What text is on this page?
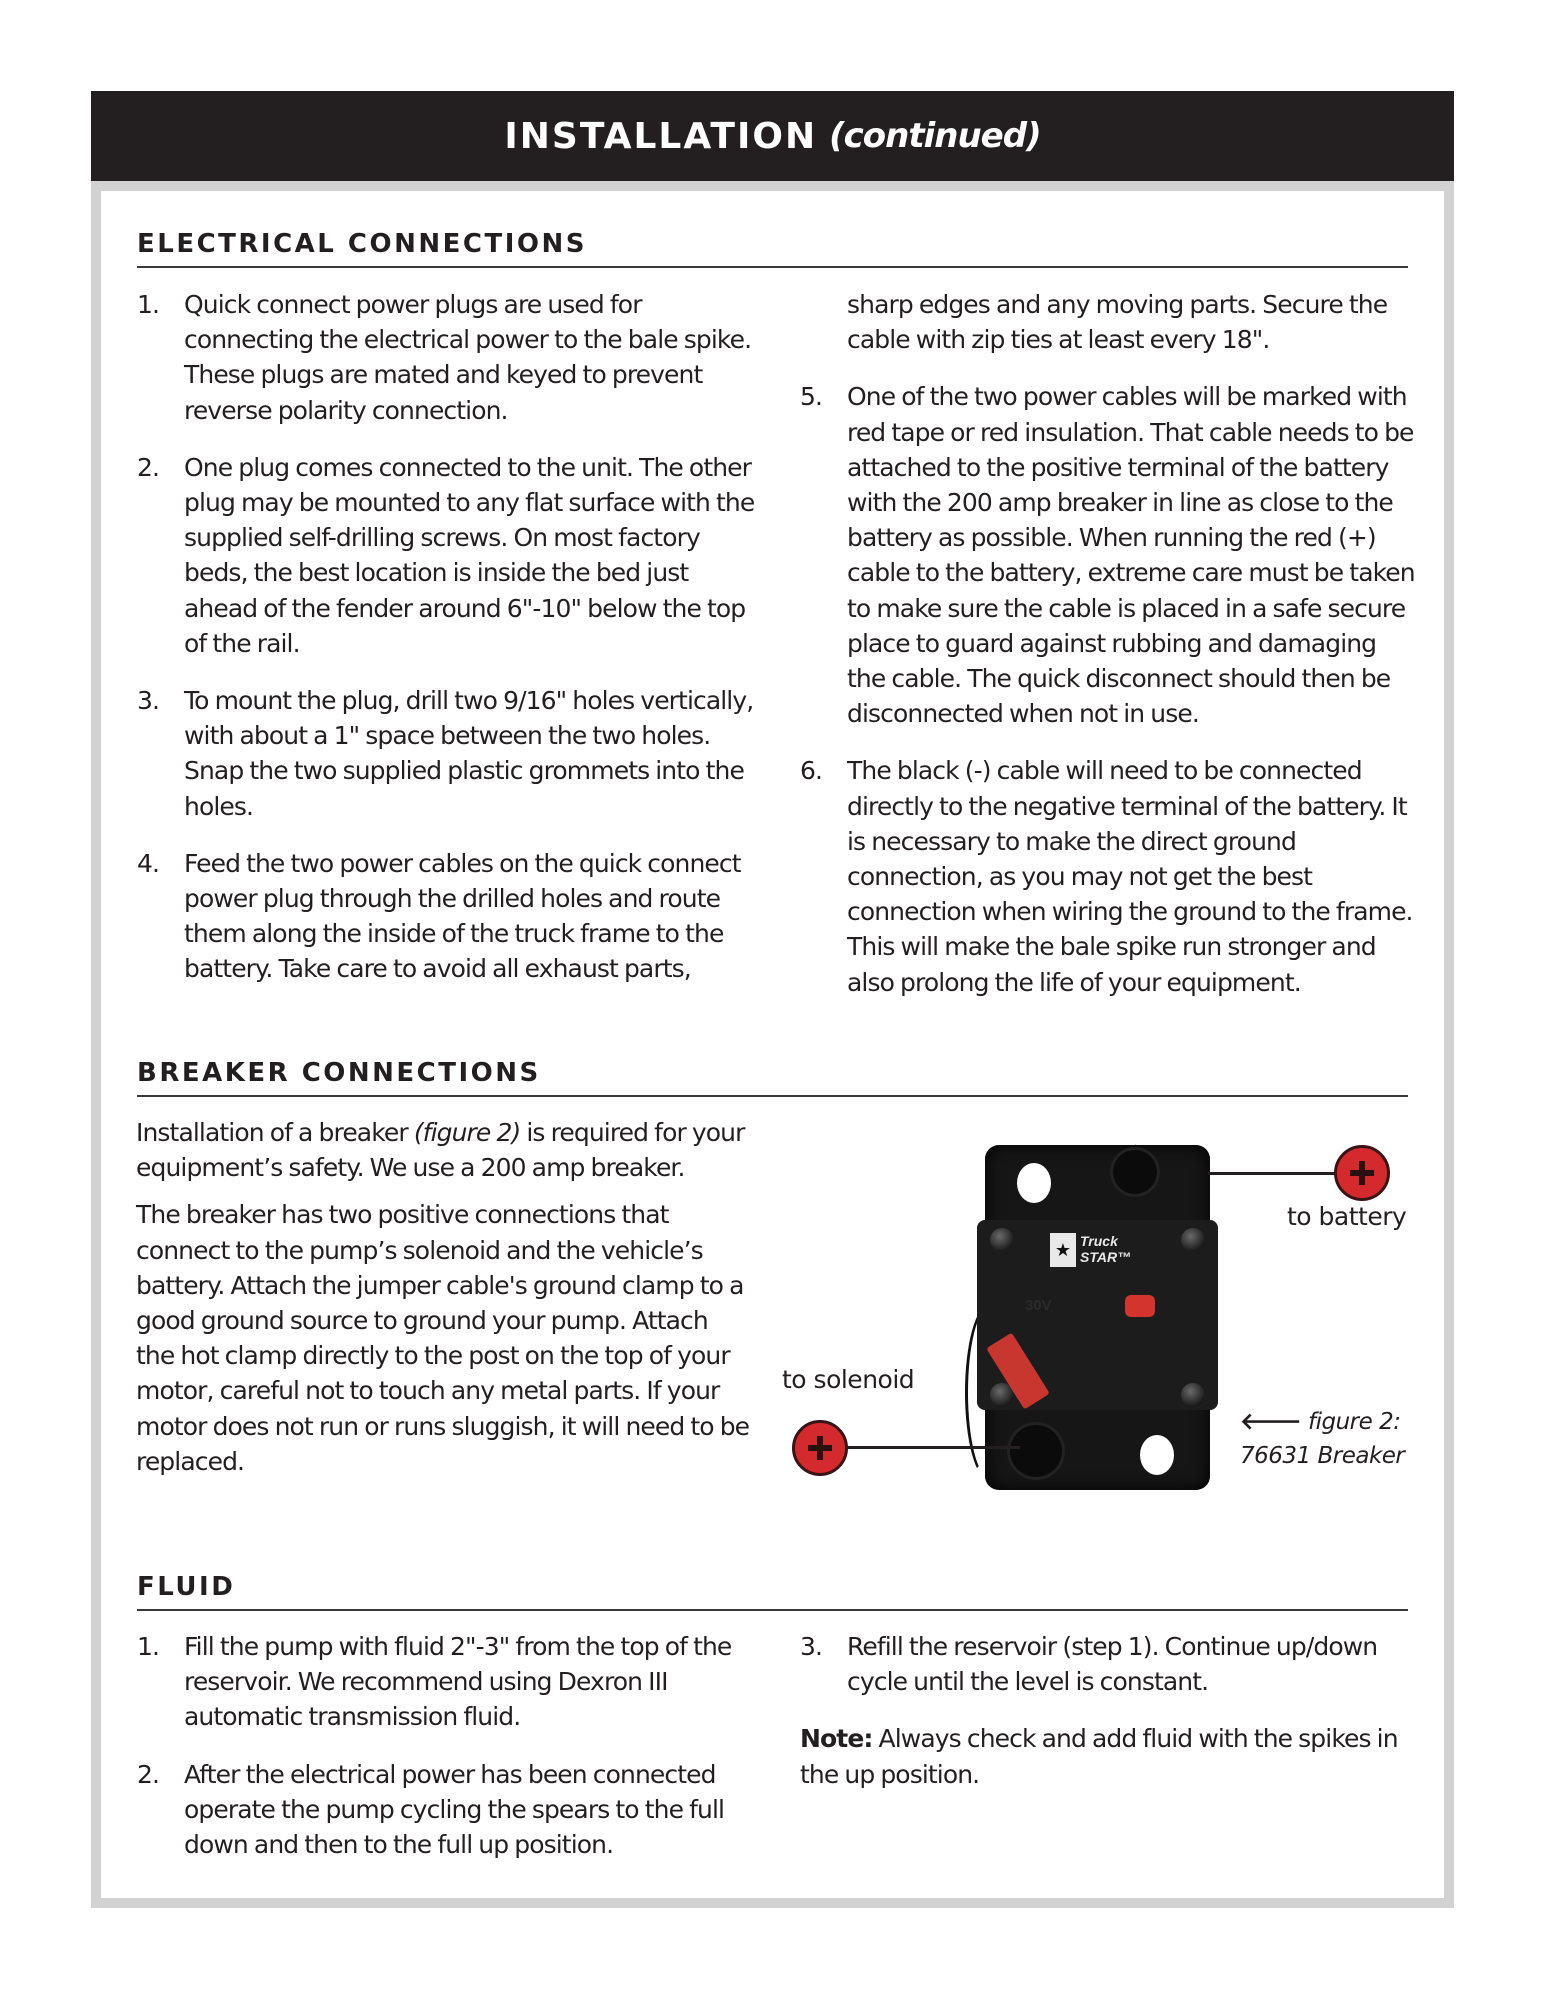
INSTALLATION (continued)
ELECTRICAL CONNECTIONS
1. Quick connect power plugs are used for connecting the electrical power to the bale spike. These plugs are mated and keyed to prevent reverse polarity connection.
2. One plug comes connected to the unit. The other plug may be mounted to any flat surface with the supplied self-drilling screws. On most factory beds, the best location is inside the bed just ahead of the fender around 6"-10" below the top of the rail.
3. To mount the plug, drill two 9/16" holes vertically, with about a 1" space between the two holes. Snap the two supplied plastic grommets into the holes.
4. Feed the two power cables on the quick connect power plug through the drilled holes and route them along the inside of the truck frame to the battery. Take care to avoid all exhaust parts,
sharp edges and any moving parts. Secure the cable with zip ties at least every 18".
5. One of the two power cables will be marked with red tape or red insulation. That cable needs to be attached to the positive terminal of the battery with the 200 amp breaker in line as close to the battery as possible. When running the red (+) cable to the battery, extreme care must be taken to make sure the cable is placed in a safe secure place to guard against rubbing and damaging the cable. The quick disconnect should then be disconnected when not in use.
6. The black (-) cable will need to be connected directly to the negative terminal of the battery. It is necessary to make the direct ground connection, as you may not get the best connection when wiring the ground to the frame. This will make the bale spike run stronger and also prolong the life of your equipment.
BREAKER CONNECTIONS

Installation of a breaker (figure 2) is required for your equipment’s safety. We use a 200 amp breaker.

The breaker has two positive connections that connect to the pump’s solenoid and the vehicle’s battery. Attach the jumper cable's ground clamp to a good ground source to ground your pump. Attach the hot clamp directly to the post on the top of your motor, careful not to touch any metal parts. If your motor does not run or runs sluggish, it will need to be replaced.

★ Truck
STAR™
30V
to battery
to solenoid
🡐 figure 2:
76631 Breaker
FLUID
1. Fill the pump with fluid 2"-3" from the top of the reservoir. We recommend using Dexron III automatic transmission fluid.
2. After the electrical power has been connected operate the pump cycling the spears to the full down and then to the full up position.
3. Refill the reservoir (step 1). Continue up/down cycle until the level is constant.

Note: Always check and add fluid with the spikes in the up position.
